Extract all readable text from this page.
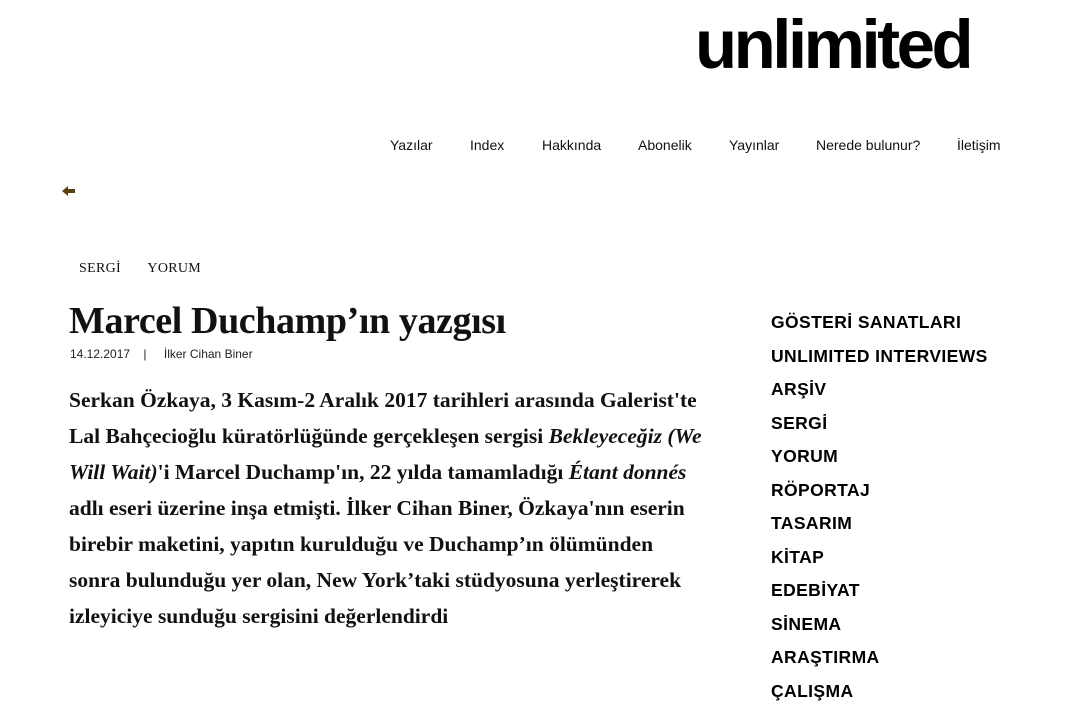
unlimited
Yazılar	Index	Hakkında	Abonelik	Yayınlar	Nerede bulunur?	İletişim
SERGİ YORUM
Marcel Duchamp’ın yazgısı
14.12.2017 | İlker Cihan Biner

Serkan Özkaya, 3 Kasım-2 Aralık 2017 tarihleri arasında Galerist'te Lal Bahçecioğlu küratörlüğünde gerçekleşen sergisi Bekleyeceğiz (We Will Wait)'i Marcel Duchamp'ın, 22 yılda tamamladığı Étant donnés adlı eseri üzerine inşa etmişti. İlker Cihan Biner, Özkaya'nın eserin birebir maketini, yapıtın kurulduğu ve Duchamp’ın ölümünden sonra bulunduğu yer olan, New York’taki stüdyosuna yerleştirerek izleyiciye sunduğu sergisini değerlendirdi

GÖSTERİ SANATLARI
UNLIMITED INTERVIEWS
ARŞİV
SERGİ
YORUM
RÖPORTAJ
TASARIM
KİTAP
EDEBİYAT
SİNEMA
ARAŞTIRMA
ÇALIŞMA
